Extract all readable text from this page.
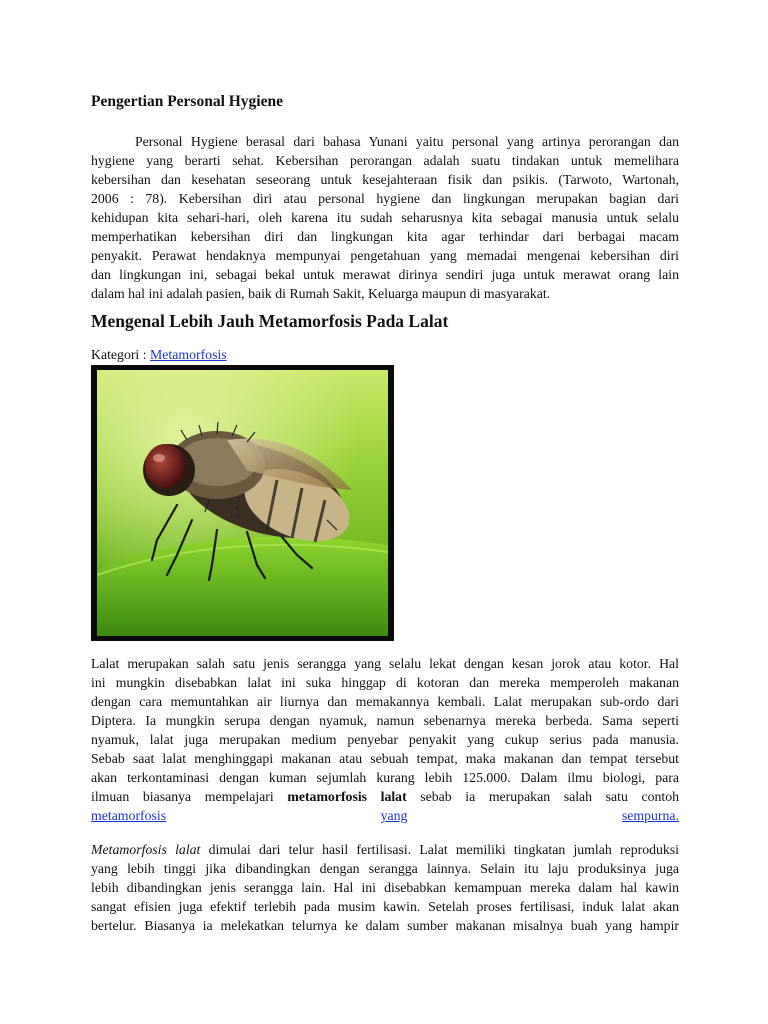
Pengertian Personal Hygiene
Personal Hygiene berasal dari bahasa Yunani yaitu personal yang artinya perorangan dan
hygiene yang berarti sehat. Kebersihan perorangan adalah suatu tindakan untuk memelihara
kebersihan dan kesehatan seseorang untuk kesejahteraan fisik dan psikis. (Tarwoto, Wartonah,
2006 : 78). Kebersihan diri atau personal hygiene dan lingkungan merupakan bagian dari
kehidupan kita sehari-hari, oleh karena itu sudah seharusnya kita sebagai manusia untuk selalu
memperhatikan kebersihan diri dan lingkungan kita agar terhindar dari berbagai macam
penyakit. Perawat hendaknya mempunyai pengetahuan yang memadai mengenai kebersihan diri
dan lingkungan ini, sebagai bekal untuk merawat dirinya sendiri juga untuk merawat orang lain
dalam hal ini adalah pasien, baik di Rumah Sakit, Keluarga maupun di masyarakat.
Mengenal Lebih Jauh Metamorfosis Pada Lalat
Kategori : Metamorfosis
Lalat merupakan salah satu jenis serangga yang selalu lekat dengan kesan jorok atau kotor. Hal
ini mungkin disebabkan lalat ini suka hinggap di kotoran dan mereka memperoleh makanan
dengan cara memuntahkan air liurnya dan memakannya kembali. Lalat merupakan sub-ordo dari
Diptera. Ia mungkin serupa dengan nyamuk, namun sebenarnya mereka berbeda. Sama seperti
nyamuk, lalat juga merupakan medium penyebar penyakit yang cukup serius pada manusia.
Sebab saat lalat menghinggapi makanan atau sebuah tempat, maka makanan dan tempat tersebut
akan terkontaminasi dengan kuman sejumlah kurang lebih 125.000. Dalam ilmu biologi, para
ilmuan biasanya mempelajari metamorfosis lalat sebab ia merupakan salah satu contoh
metamorfosis	yang	sempurna.
Metamorfosis lalat dimulai dari telur hasil fertilisasi. Lalat memiliki tingkatan jumlah reproduksi
yang lebih tinggi jika dibandingkan dengan serangga lainnya. Selain itu laju produksinya juga
lebih dibandingkan jenis serangga lain. Hal ini disebabkan kemampuan mereka dalam hal kawin
sangat efisien juga efektif terlebih pada musim kawin. Setelah proses fertilisasi, induk lalat akan
bertelur. Biasanya ia melekatkan telurnya ke dalam sumber makanan misalnya buah yang hampir
